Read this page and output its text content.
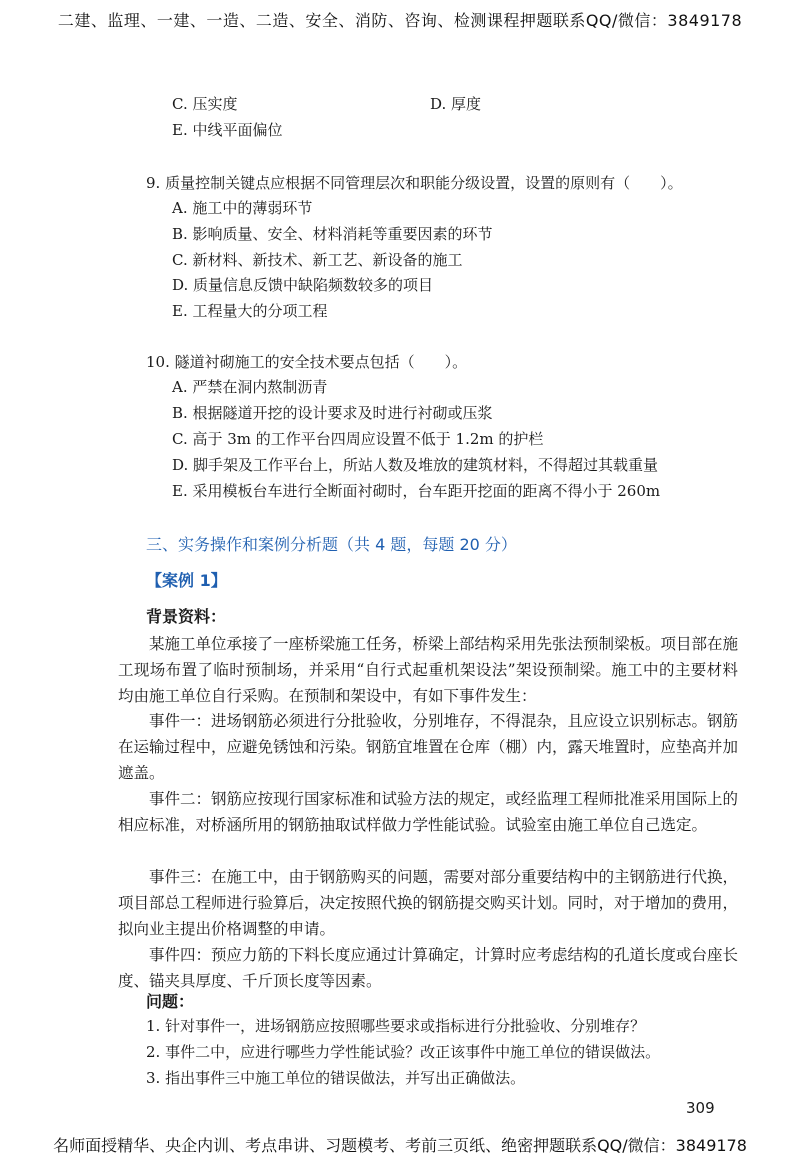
二建、监理、一建、一造、二造、安全、消防、咨询、检测课程押题联系QQ/微信：3849178
C. 压实度	D. 厚度
E. 中线平面偏位
9. 质量控制关键点应根据不同管理层次和职能分级设置，设置的原则有（　　）。
A. 施工中的薄弱环节
B. 影响质量、安全、材料消耗等重要因素的环节
C. 新材料、新技术、新工艺、新设备的施工
D. 质量信息反馈中缺陷频数较多的项目
E. 工程量大的分项工程
10. 隧道衬砌施工的安全技术要点包括（　　）。
A. 严禁在洞内熬制沥青
B. 根据隧道开挖的设计要求及时进行衬砌或压浆
C. 高于 3m 的工作平台四周应设置不低于 1.2m 的护栏
D. 脚手架及工作平台上，所站人数及堆放的建筑材料，不得超过其载重量
E. 采用模板台车进行全断面衬砌时，台车距开挖面的距离不得小于 260m
三、实务操作和案例分析题（共 4 题，每题 20 分）
【案例 1】
背景资料：
某施工单位承接了一座桥梁施工任务，桥梁上部结构采用先张法预制梁板。项目部在施工现场布置了临时预制场，并采用“自行式起重机架设法”架设预制梁。施工中的主要材料均由施工单位自行采购。在预制和架设中，有如下事件发生：
事件一：进场钢筋必须进行分批验收，分别堆存，不得混杂，且应设立识别标志。钢筋在运输过程中，应避免锈蚀和污染。钢筋宜堆置在仓库（棚）内，露天堆置时，应垫高并加遮盖。
事件二：钢筋应按现行国家标准和试验方法的规定，或经监理工程师批准采用国际上的相应标准，对桥涵所用的钢筋抽取试样做力学性能试验。试验室由施工单位自己选定。
事件三：在施工中，由于钢筋购买的问题，需要对部分重要结构中的主钢筋进行代换，项目部总工程师进行验算后，决定按照代换的钢筋提交购买计划。同时，对于增加的费用，拟向业主提出价格调整的申请。
事件四：预应力筋的下料长度应通过计算确定，计算时应考虑结构的孔道长度或台座长度、锚夹具厚度、千斤顶长度等因素。
问题：
1. 针对事件一，进场钢筋应按照哪些要求或指标进行分批验收、分别堆存？
2. 事件二中，应进行哪些力学性能试验？改正该事件中施工单位的错误做法。
3. 指出事件三中施工单位的错误做法，并写出正确做法。
309
名师面授精华、央企内训、考点串讲、习题模考、考前三页纸、绝密押题联系QQ/微信：3849178
